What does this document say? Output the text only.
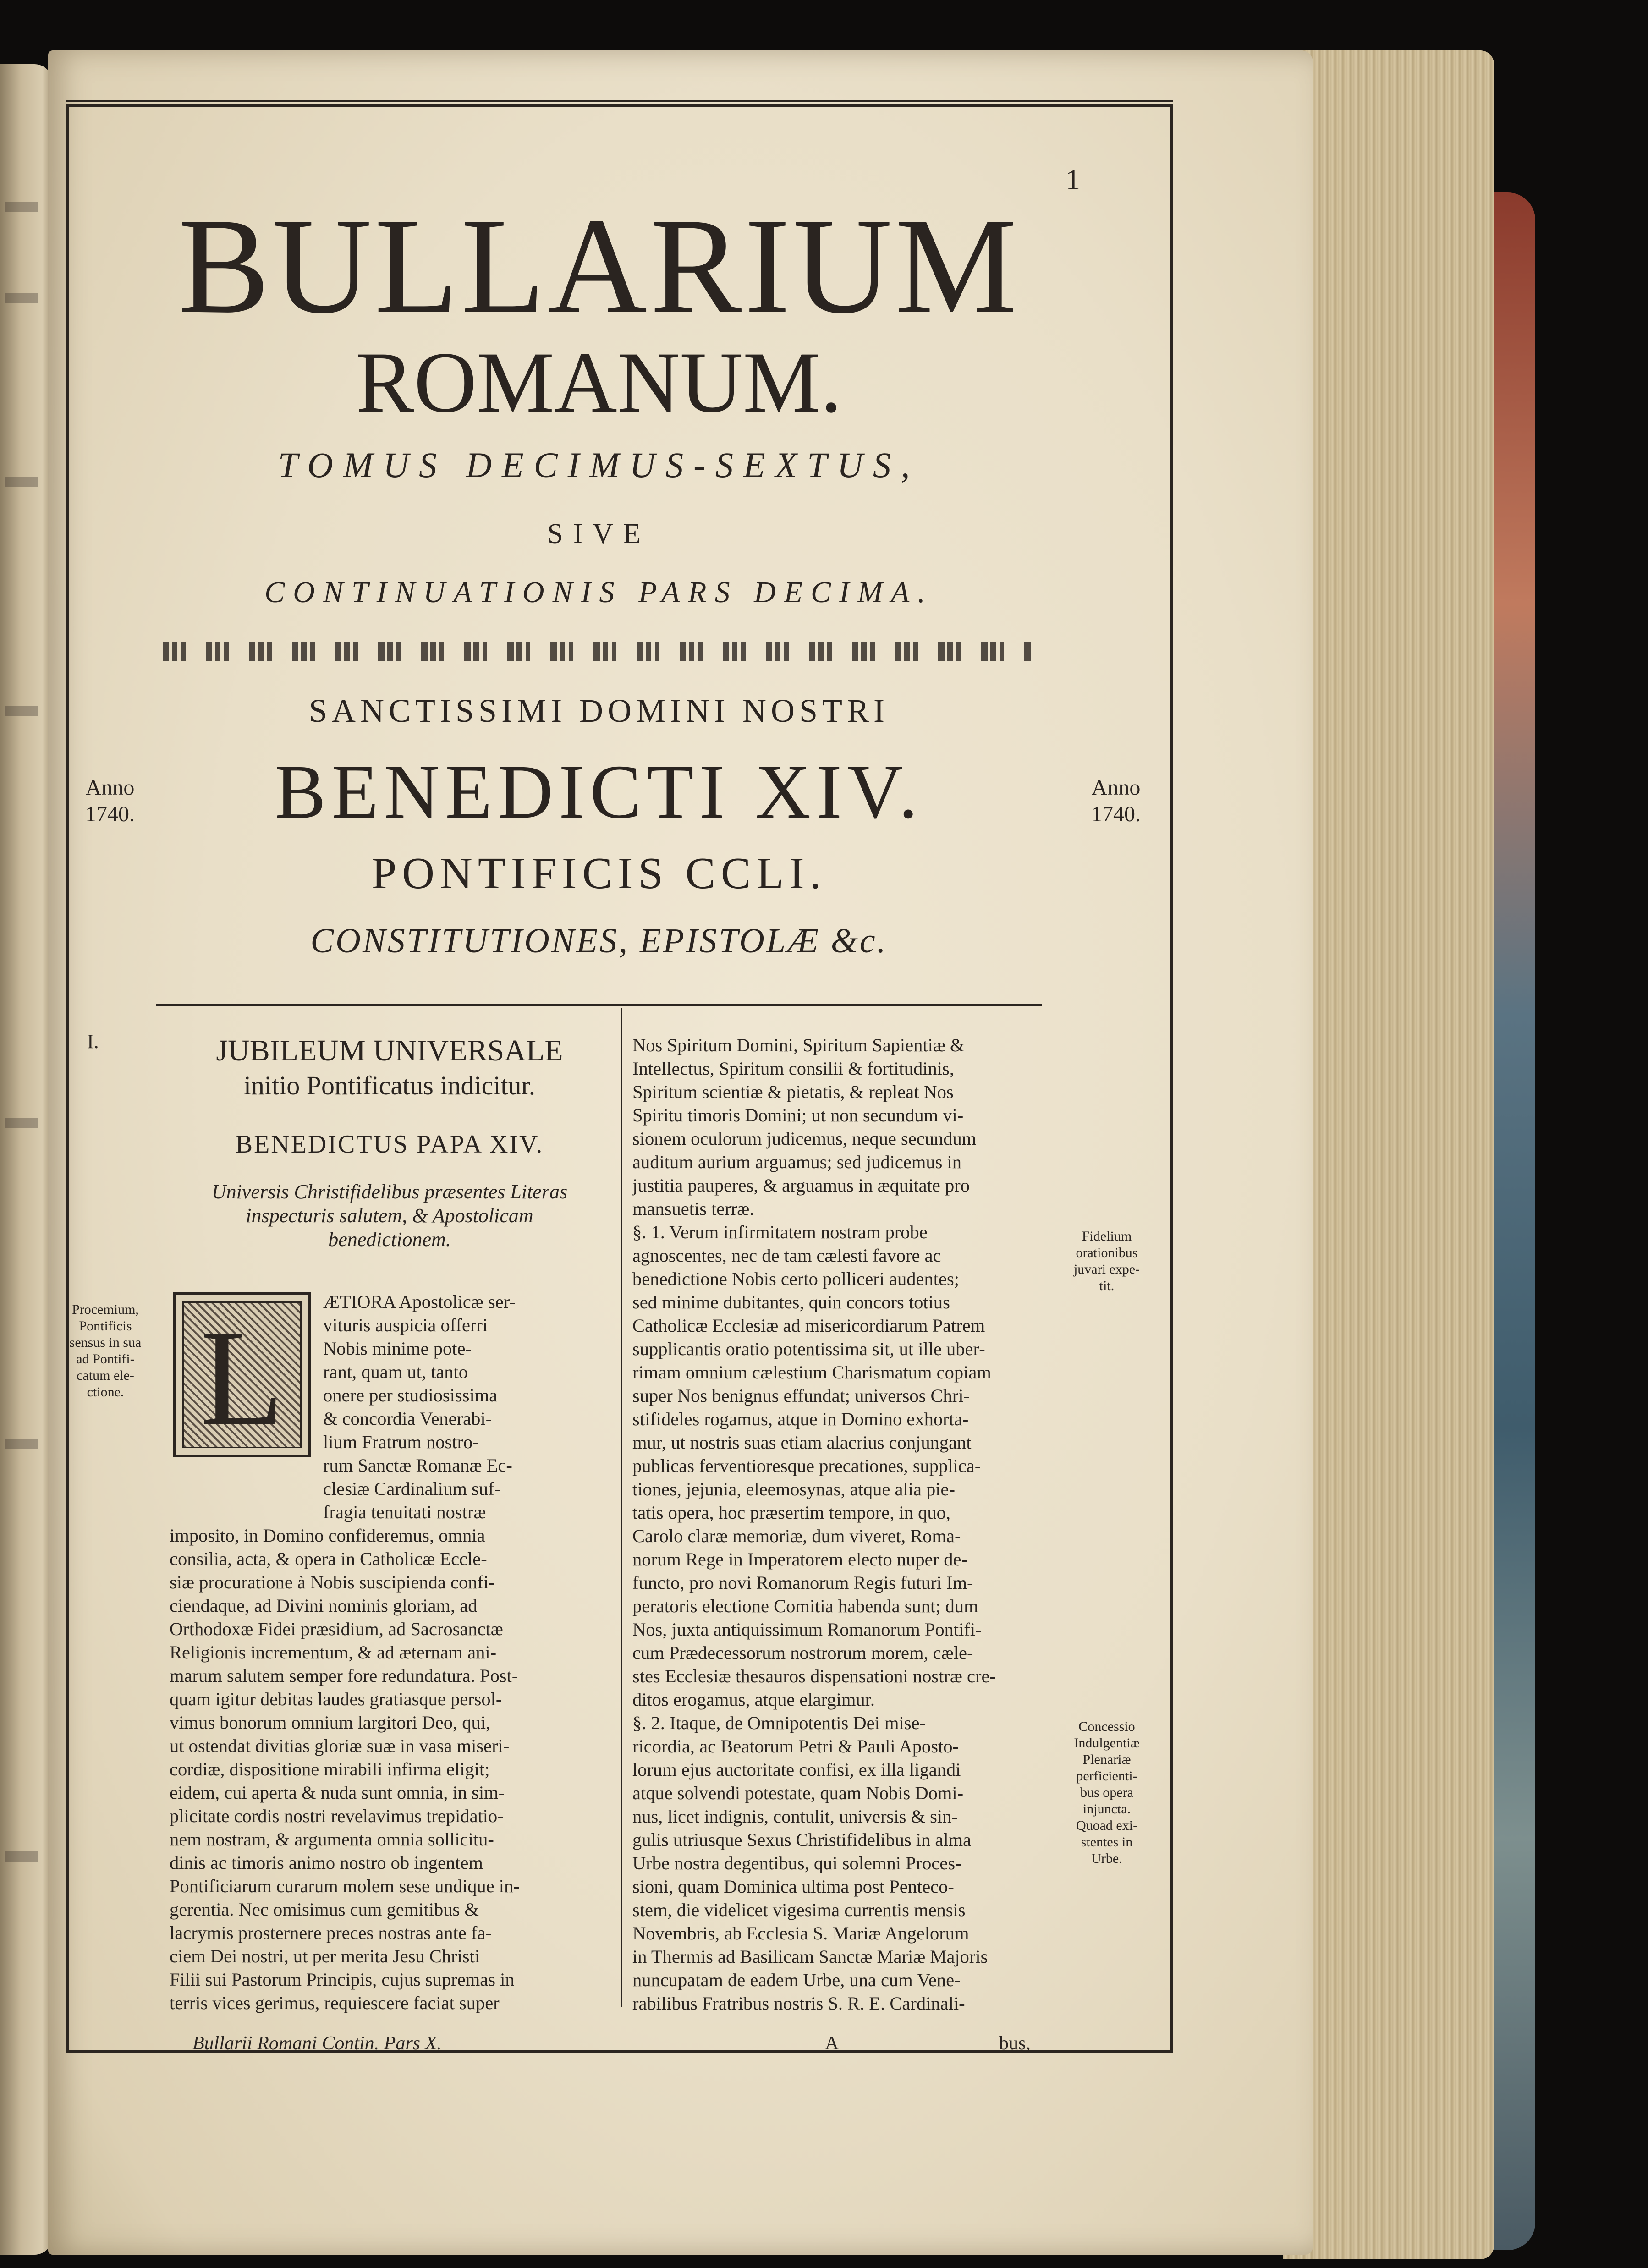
1
BULLARIUM
ROMANUM.
TOMUS DECIMUS-SEXTUS,
SIVE
CONTINUATIONIS PARS DECIMA.
SANCTISSIMI DOMINI NOSTRI
BENEDICTI XIV.
PONTIFICIS CCLI.
CONSTITUTIONES, EPISTOLÆ &c.
Anno
1740.
Anno
1740.
I.
Procemium,
Pontificis
sensus in sua
ad Pontifi-
catum ele-
ctione.
Fidelium
orationibus
juvari expe-
tit.
Concessio
Indulgentiæ
Plenariæ
perficienti-
bus opera
injuncta.
Quoad exi-
stentes in
Urbe.
JUBILEUM UNIVERSALE
initio Pontificatus indicitur.
BENEDICTUS PAPA XIV.
Universis Christifidelibus præsentes Literas
inspecturis salutem, & Apostolicam
benedictionem.
L	ÆTIORA Apostolicæ ser-
vituris auspicia offerri
Nobis minime pote-
rant, quam ut, tanto
onere per studiosissima
& concordia Venerabi-
lium Fratrum nostro-
rum Sanctæ Romanæ Ec-
clesiæ Cardinalium suf-
fragia tenuitati nostræ
imposito, in Domino confideremus, omnia
consilia, acta, & opera in Catholicæ Eccle-
siæ procuratione à Nobis suscipienda confi-
ciendaque, ad Divini nominis gloriam, ad
Orthodoxæ Fidei præsidium, ad Sacrosanctæ
Religionis incrementum, & ad æternam ani-
marum salutem semper fore redundatura. Post-
quam igitur debitas laudes gratiasque persol-
vimus bonorum omnium largitori Deo, qui,
ut ostendat divitias gloriæ suæ in vasa miseri-
cordiæ, dispositione mirabili infirma eligit;
eidem, cui aperta & nuda sunt omnia, in sim-
plicitate cordis nostri revelavimus trepidatio-
nem nostram, & argumenta omnia sollicitu-
dinis ac timoris animo nostro ob ingentem
Pontificiarum curarum molem sese undique in-
gerentia. Nec omisimus cum gemitibus &
lacrymis prosternere preces nostras ante fa-
ciem Dei nostri, ut per merita Jesu Christi
Filii sui Pastorum Principis, cujus supremas in
terris vices gerimus, requiescere faciat super
Nos Spiritum Domini, Spiritum Sapientiæ &
Intellectus, Spiritum consilii & fortitudinis,
Spiritum scientiæ & pietatis, & repleat Nos
Spiritu timoris Domini; ut non secundum vi-
sionem oculorum judicemus, neque secundum
auditum aurium arguamus; sed judicemus in
justitia pauperes, & arguamus in æquitate pro
mansuetis terræ.
§. 1. Verum infirmitatem nostram probe
agnoscentes, nec de tam cælesti favore ac
benedictione Nobis certo polliceri audentes;
sed minime dubitantes, quin concors totius
Catholicæ Ecclesiæ ad misericordiarum Patrem
supplicantis oratio potentissima sit, ut ille uber-
rimam omnium cælestium Charismatum copiam
super Nos benignus effundat; universos Chri-
stifideles rogamus, atque in Domino exhorta-
mur, ut nostris suas etiam alacrius conjungant
publicas ferventioresque precationes, supplica-
tiones, jejunia, eleemosynas, atque alia pie-
tatis opera, hoc præsertim tempore, in quo,
Carolo claræ memoriæ, dum viveret, Roma-
norum Rege in Imperatorem electo nuper de-
functo, pro novi Romanorum Regis futuri Im-
peratoris electione Comitia habenda sunt; dum
Nos, juxta antiquissimum Romanorum Pontifi-
cum Prædecessorum nostrorum morem, cæle-
stes Ecclesiæ thesauros dispensationi nostræ cre-
ditos erogamus, atque elargimur.
§. 2. Itaque, de Omnipotentis Dei mise-
ricordia, ac Beatorum Petri & Pauli Aposto-
lorum ejus auctoritate confisi, ex illa ligandi
atque solvendi potestate, quam Nobis Domi-
nus, licet indignis, contulit, universis & sin-
gulis utriusque Sexus Christifidelibus in alma
Urbe nostra degentibus, qui solemni Proces-
sioni, quam Dominica ultima post Penteco-
stem, die videlicet vigesima currentis mensis
Novembris, ab Ecclesia S. Mariæ Angelorum
in Thermis ad Basilicam Sanctæ Mariæ Majoris
nuncupatam de eadem Urbe, una cum Vene-
rabilibus Fratribus nostris S. R. E. Cardinali-
Bullarii Romani Contin. Pars X.	A	bus,
